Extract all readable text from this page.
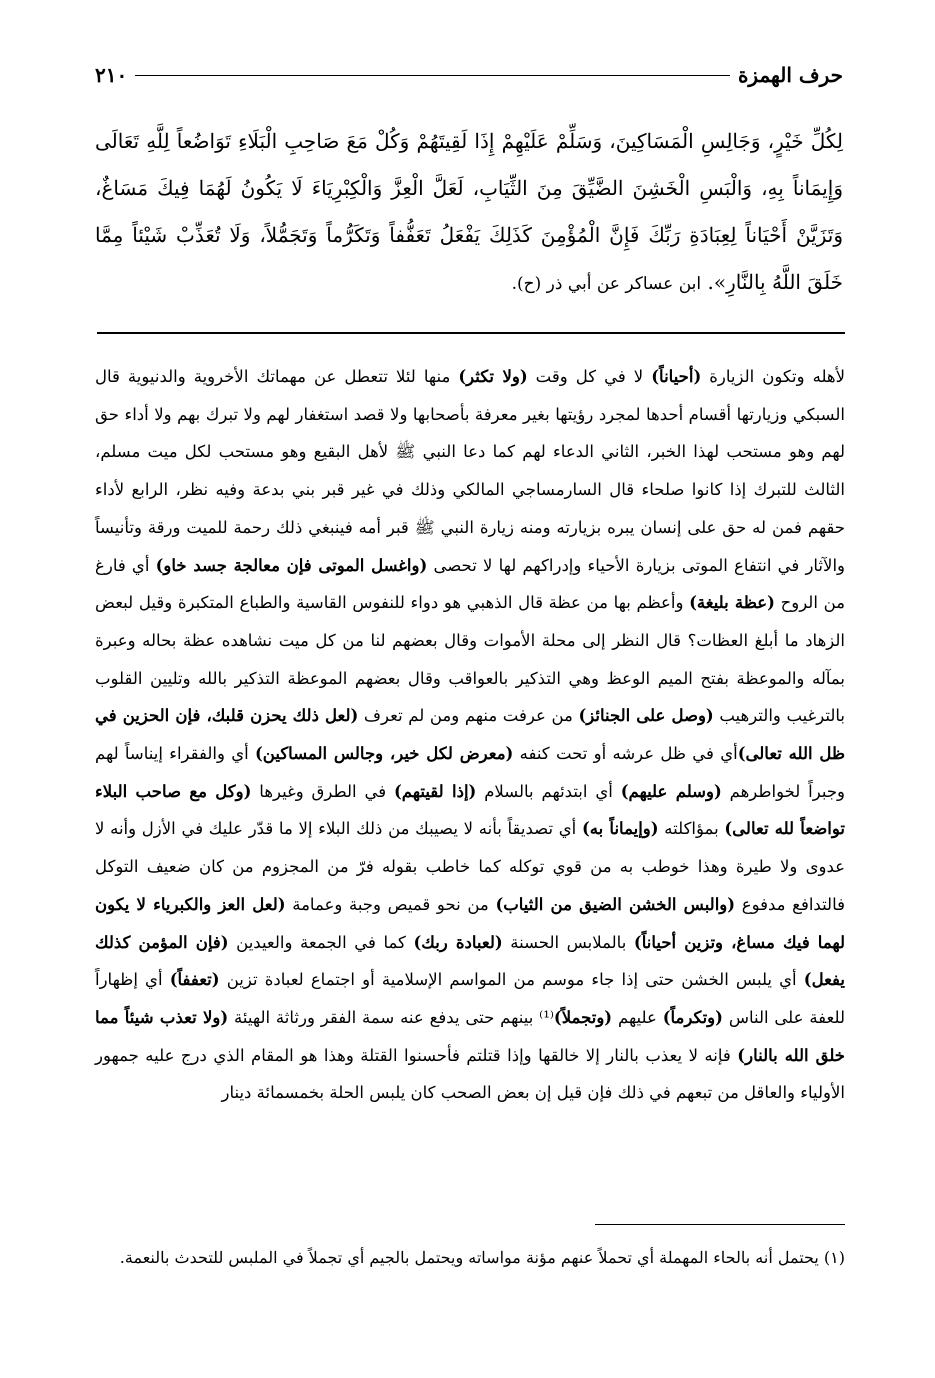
٢١٠	حرف الهمزة
لِكُلِّ خَيْرٍ، وَجَالِسِ الْمَسَاكِينَ، وَسَلِّمْ عَلَيْهِمْ إِذَا لَقِيتَهُمْ وَكُلْ مَعَ صَاحِبِ الْبَلَاءِ تَوَاضُعاً لِلَّهِ تَعَالَى وَإِيمَاناً بِهِ، وَالْبَسِ الْخَشِنَ الضَّيِّقَ مِنَ الثِّيَابِ، لَعَلَّ الْعِزَّ وَالْكِبْرِيَاءَ لَا يَكُونُ لَهُمَا فِيكَ مَسَاغٌ، وَتَزَيَّنْ أَحْيَاناً لِعِبَادَةِ رَبِّكَ فَإِنَّ الْمُؤْمِنَ كَذَلِكَ يَفْعَلُ تَعَفُّفاً وَتَكَرُّماً وَتَجَمُّلاً، وَلَا تُعَذِّبْ شَيْئاً مِمَّا خَلَقَ اللَّهُ بِالنَّارِ». ابن عساكر عن أبي ذر (ح).
لأهله وتكون الزيارة (أحياناً) لا في كل وقت (ولا تكثر) منها لئلا تتعطل عن مهماتك الأخروية والدنيوية قال السبكي وزيارتها أقسام أحدها لمجرد رؤيتها بغير معرفة بأصحابها ولا قصد استغفار لهم ولا تبرك بهم ولا أداء حق لهم وهو مستحب لهذا الخبر، الثاني الدعاء لهم كما دعا النبي ﷺ لأهل البقيع وهو مستحب لكل ميت مسلم، الثالث للتبرك إذا كانوا صلحاء قال السارمساجي المالكي وذلك في غير قبر بني بدعة وفيه نظر، الرابع لأداء حقهم فمن له حق على إنسان يبره بزيارته ومنه زيارة النبي ﷺ قبر أمه فينبغي ذلك رحمة للميت ورقة وتأنيساً والآثار في انتفاع الموتى بزيارة الأحياء وإدراكهم لها لا تحصى (واغسل الموتى فإن معالجة جسد خاو) أي فارغ من الروح (عظة بليغة) وأعظم بها من عظة قال الذهبي هو دواء للنفوس القاسية والطباع المتكبرة وقيل لبعض الزهاد ما أبلغ العظات؟ قال النظر إلى محلة الأموات وقال بعضهم لنا من كل ميت نشاهده عظة بحاله وعبرة بمآله والموعظة بفتح الميم الوعظ وهي التذكير بالعواقب وقال بعضهم الموعظة التذكير بالله وتليين القلوب بالترغيب والترهيب (وصل على الجنائز) من عرفت منهم ومن لم تعرف (لعل ذلك يحزن قلبك، فإن الحزين في ظل الله تعالى)أي في ظل عرشه أو تحت كنفه (معرض لكل خير، وجالس المساكين) أي والفقراء إيناساً لهم وجبراً لخواطرهم (وسلم عليهم) أي ابتدئهم بالسلام (إذا لقيتهم) في الطرق وغيرها (وكل مع صاحب البلاء تواضعاً لله تعالى) بمؤاكلته (وإيماناً به) أي تصديقاً بأنه لا يصيبك من ذلك البلاء إلا ما قدّر عليك في الأزل وأنه لا عدوى ولا طيرة وهذا خوطب به من قوي توكله كما خاطب بقوله فرّ من المجزوم من كان ضعيف التوكل فالتدافع مدفوع (والبس الخشن الضيق من الثياب) من نحو قميص وجبة وعمامة (لعل العز والكبرياء لا يكون لهما فيك مساغ، وتزين أحياناً) بالملابس الحسنة (لعبادة ربك) كما في الجمعة والعيدين (فإن المؤمن كذلك يفعل) أي يلبس الخشن حتى إذا جاء موسم من المواسم الإسلامية أو اجتماع لعبادة تزين (تعففاً) أي إظهاراً للعفة على الناس (وتكرماً) عليهم (وتجملاً)⁽¹⁾ بينهم حتى يدفع عنه سمة الفقر ورثاثة الهيئة (ولا تعذب شيئاً مما خلق الله بالنار) فإنه لا يعذب بالنار إلا خالقها وإذا قتلتم فأحسنوا القتلة وهذا هو المقام الذي درج عليه جمهور الأولياء والعاقل من تبعهم في ذلك فإن قيل إن بعض الصحب كان يلبس الحلة بخمسمائة دينار
(١) يحتمل أنه بالحاء المهملة أي تحملاً عنهم مؤنة مواساته ويحتمل بالجيم أي تجملاً في الملبس للتحدث بالنعمة.
